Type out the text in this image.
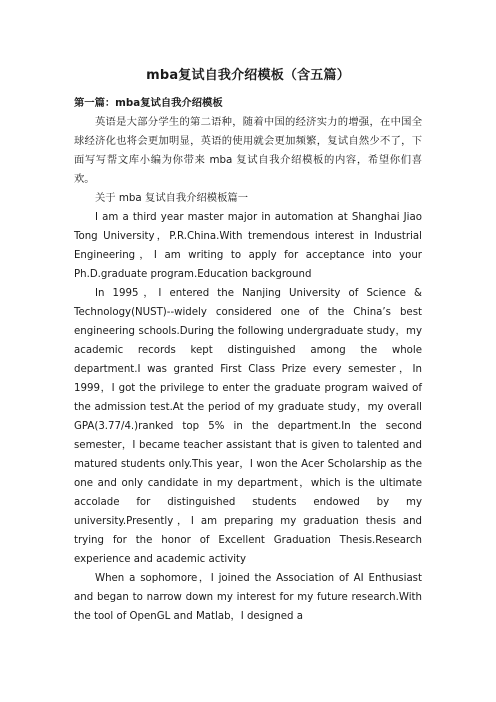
mba复试自我介绍模板（含五篇）

第一篇：mba复试自我介绍模板

英语是大部分学生的第二语种，随着中国的经济实力的增强，在中国全球经济化也将会更加明显，英语的使用就会更加频繁，复试自然少不了，下面写写帮文库小编为你带来 mba 复试自我介绍模板的内容，希望你们喜欢。

关于 mba 复试自我介绍模板篇一

I am a third year master major in automation at Shanghai Jiao Tong University，P.R.China.With tremendous interest in Industrial Engineering，I am writing to apply for acceptance into your Ph.D.graduate program.Education background

In 1995，I entered the Nanjing University of Science & Technology(NUST)--widely considered one of the China’s best engineering schools.During the following undergraduate study，my academic records kept distinguished among the whole department.I was granted First Class Prize every semester，In 1999，I got the privilege to enter the graduate program waived of the admission test.At the period of my graduate study，my overall GPA(3.77/4.)ranked top 5% in the department.In the second semester，I became teacher assistant that is given to talented and matured students only.This year，I won the Acer Scholarship as the one and only candidate in my department，which is the ultimate accolade for distinguished students endowed by my university.Presently，I am preparing my graduation thesis and trying for the honor of Excellent Graduation Thesis.Research experience and academic activity

When a sophomore，I joined the Association of AI Enthusiast and began to narrow down my interest for my future research.With the tool of OpenGL and Matlab，I designed a
